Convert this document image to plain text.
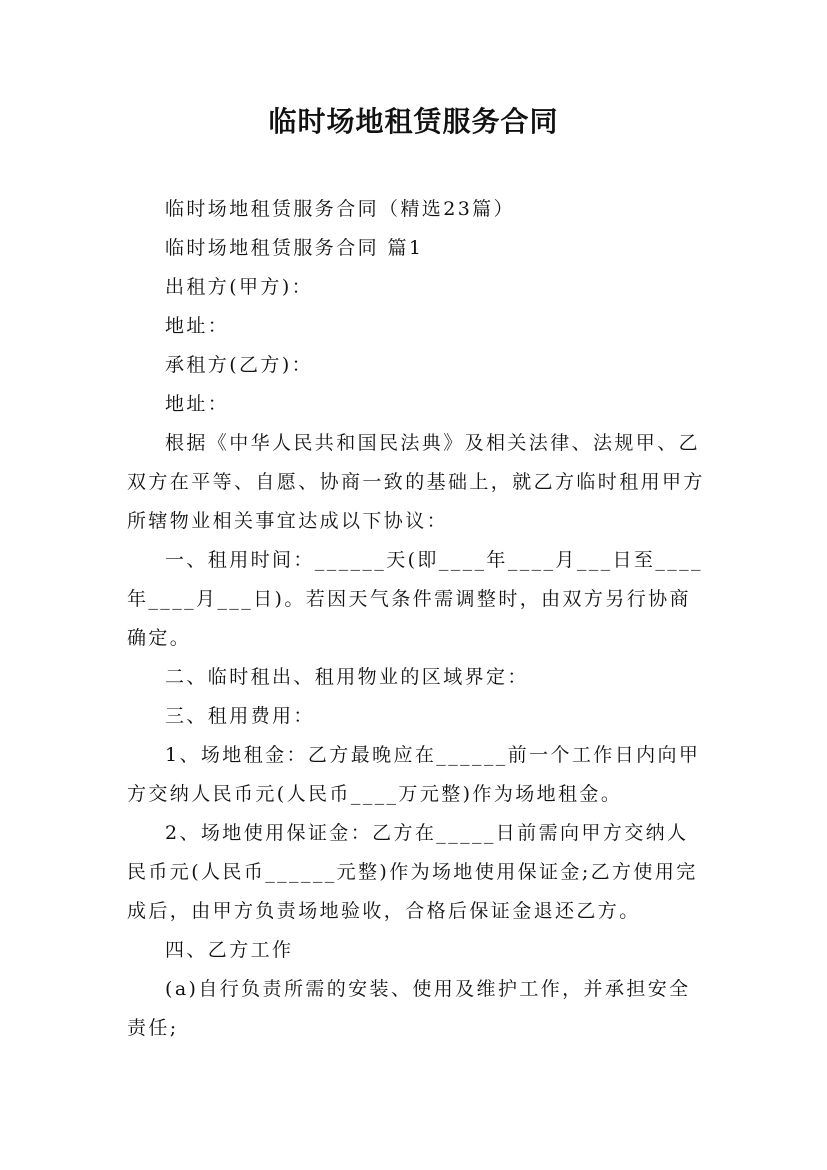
临时场地租赁服务合同

临时场地租赁服务合同（精选23篇）

临时场地租赁服务合同 篇1

出租方(甲方)：

地址：

承租方(乙方)：

地址：

根据《中华人民共和国民法典》及相关法律、法规甲、乙双方在平等、自愿、协商一致的基础上，就乙方临时租用甲方所辖物业相关事宜达成以下协议：

一、租用时间：______天(即____年____月___日至____年____月___日)。若因天气条件需调整时，由双方另行协商确定。

二、临时租出、租用物业的区域界定：

三、租用费用：

1、场地租金：乙方最晚应在______前一个工作日内向甲方交纳人民币元(人民币____万元整)作为场地租金。

2、场地使用保证金：乙方在_____日前需向甲方交纳人民币元(人民币______元整)作为场地使用保证金;乙方使用完成后，由甲方负责场地验收，合格后保证金退还乙方。

四、乙方工作

(a)自行负责所需的安装、使用及维护工作，并承担安全责任;
